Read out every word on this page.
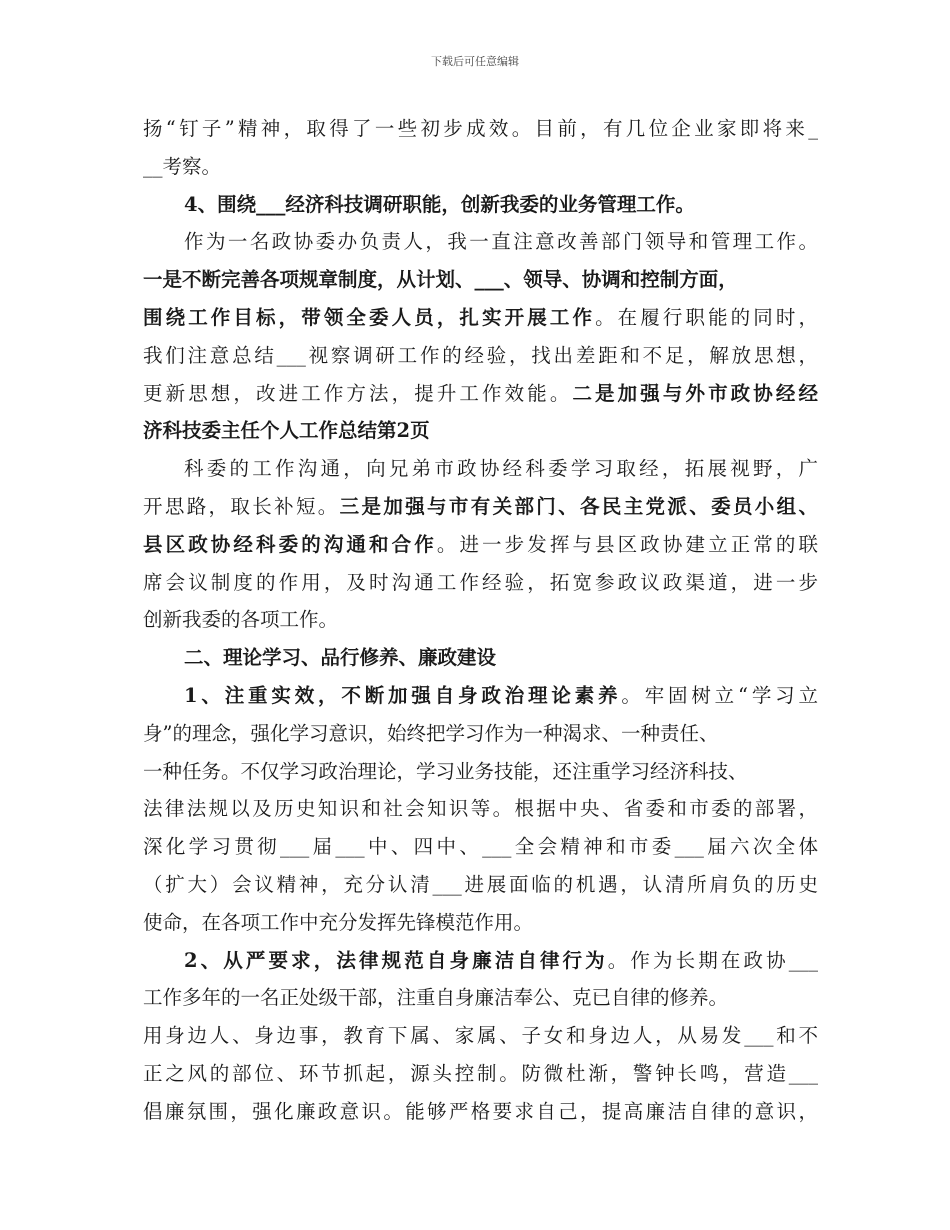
下载后可任意编辑
扬“钉子”精神，取得了一些初步成效。目前，有几位企业家即将来_
__考察。
4、围绕___经济科技调研职能，创新我委的业务管理工作。
作为一名政协委办负责人，我一直注意改善部门领导和管理工作。
一是不断完善各项规章制度，从计划、___、领导、协调和控制方面，
围绕工作目标，带领全委人员，扎实开展工作。在履行职能的同时，
我们注意总结___视察调研工作的经验，找出差距和不足，解放思想，
更新思想，改进工作方法，提升工作效能。二是加强与外市政协经经
济科技委主任个人工作总结第2页
科委的工作沟通，向兄弟市政协经科委学习取经，拓展视野，广
开思路，取长补短。三是加强与市有关部门、各民主党派、委员小组、
县区政协经科委的沟通和合作。进一步发挥与县区政协建立正常的联
席会议制度的作用，及时沟通工作经验，拓宽参政议政渠道，进一步
创新我委的各项工作。
二、理论学习、品行修养、廉政建设
1、注重实效，不断加强自身政治理论素养。牢固树立“学习立
身”的理念，强化学习意识，始终把学习作为一种渴求、一种责任、
一种任务。不仅学习政治理论，学习业务技能，还注重学习经济科技、
法律法规以及历史知识和社会知识等。根据中央、省委和市委的部署，
深化学习贯彻___届___中、四中、___全会精神和市委___届六次全体
（扩大）会议精神，充分认清___进展面临的机遇，认清所肩负的历史
使命，在各项工作中充分发挥先锋模范作用。
2、从严要求，法律规范自身廉洁自律行为。作为长期在政协___
工作多年的一名正处级干部，注重自身廉洁奉公、克已自律的修养。
用身边人、身边事，教育下属、家属、子女和身边人，从易发___和不
正之风的部位、环节抓起，源头控制。防微杜渐，警钟长鸣，营造___
倡廉氛围，强化廉政意识。能够严格要求自己，提高廉洁自律的意识，
